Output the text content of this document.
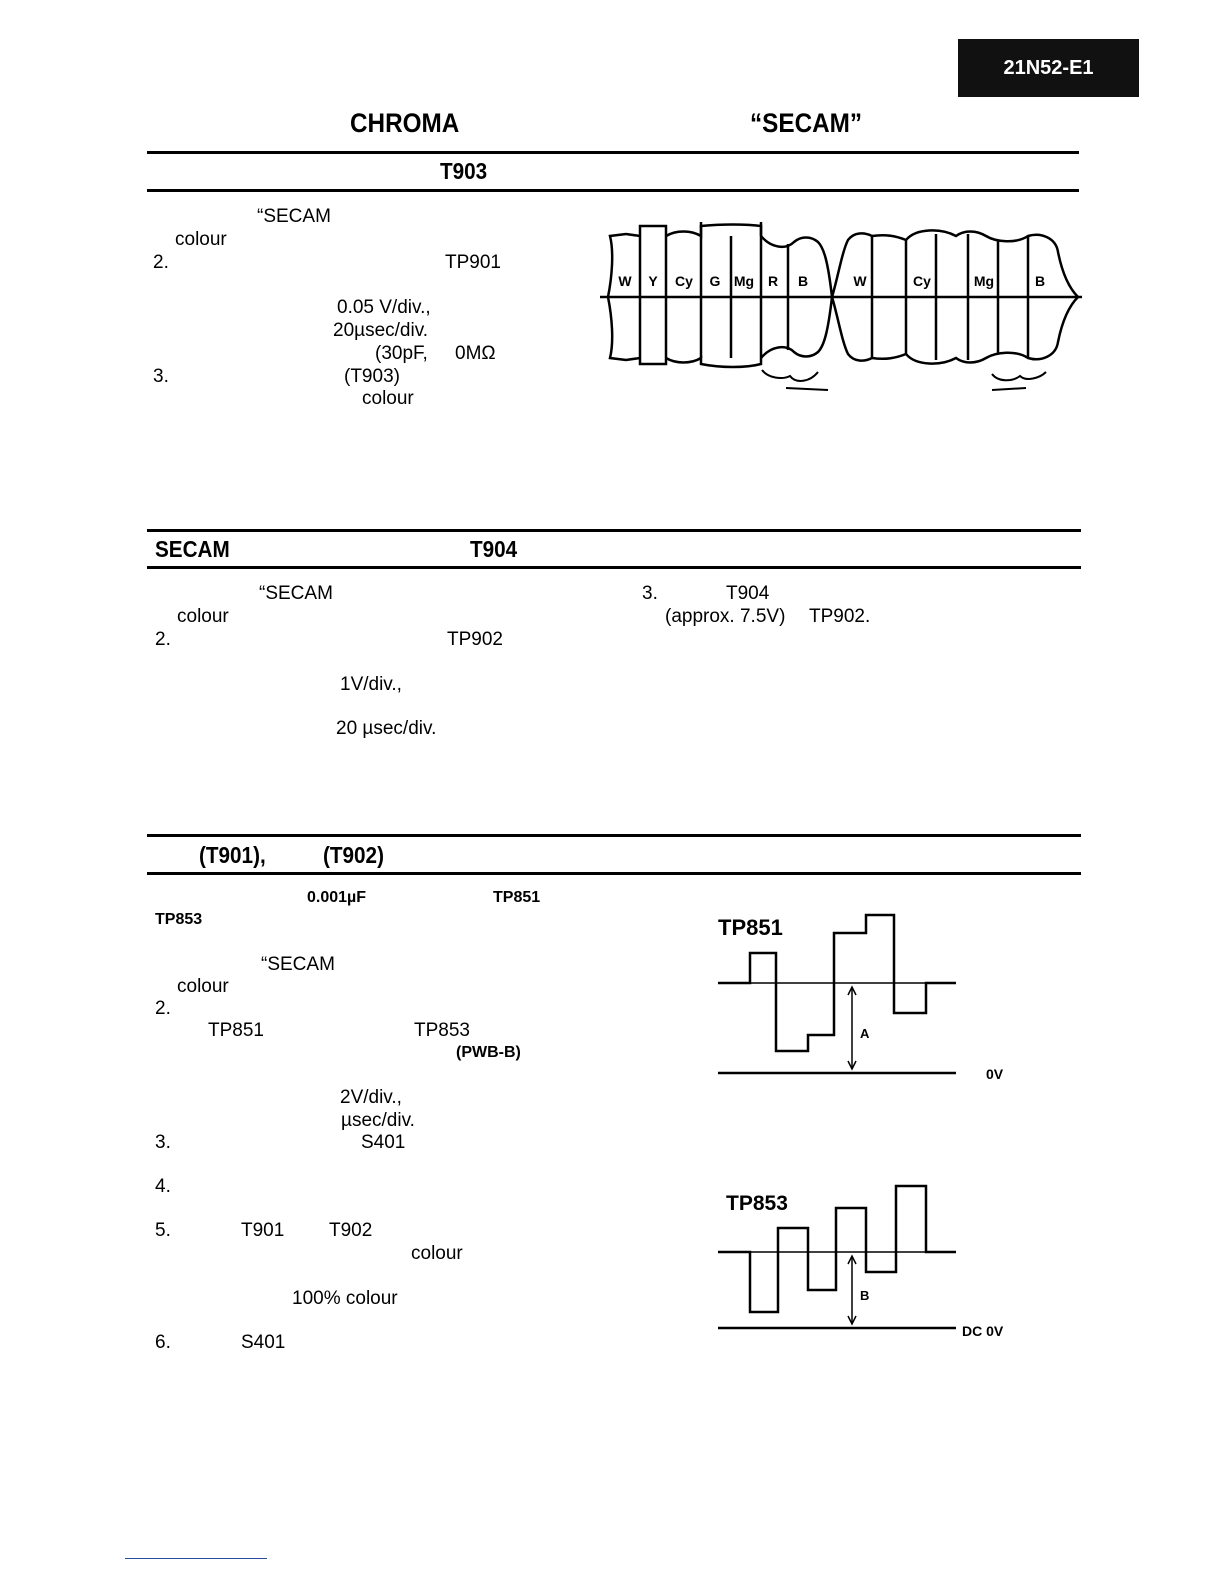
21N52-E1
CHROMA	“SECAM”
T903
“SECAM
colour
2.	TP901
0.05 V/div.,
20µsec/div.
(30pF, 0MΩ
3.	(T903)
colour
W Y Cy G Mg R B	W	Cy	Mg	B
SECAM	T904
“SECAM
colour
2.	TP902
1V/div.,
20 µsec/div.
3.	T904
(approx. 7.5V) TP902.
(T901), (T902)
0.001µF	TP851
TP853
“SECAM
colour
2.
TP851	TP853
(PWB-B)
2V/div.,
µsec/div.
3.	S401
4.
5.	T901 T902
colour
100% colour
6.	S401
TP851
A
0V
TP853
B
DC 0V
